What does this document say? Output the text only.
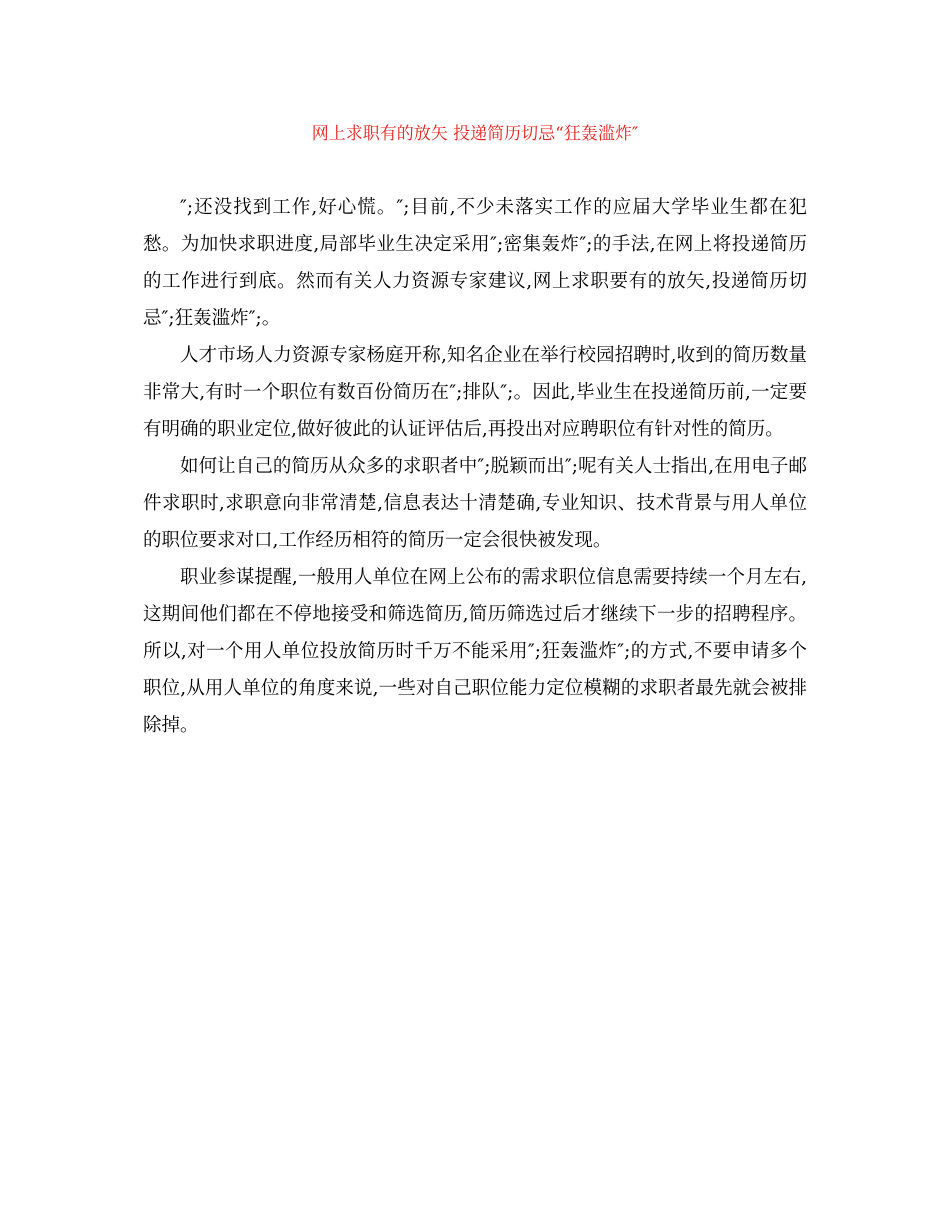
网上求职有的放矢 投递简历切忌“狂轰滥炸″

″;还没找到工作,好心慌。″;目前,不少未落实工作的应届大学毕业生都在犯愁。为加快求职进度,局部毕业生决定采用″;密集轰炸″;的手法,在网上将投递简历的工作进行到底。然而有关人力资源专家建议,网上求职要有的放矢,投递简历切忌″;狂轰滥炸″;。

人才市场人力资源专家杨庭开称,知名企业在举行校园招聘时,收到的简历数量非常大,有时一个职位有数百份简历在″;排队″;。因此,毕业生在投递简历前,一定要有明确的职业定位,做好彼此的认证评估后,再投出对应聘职位有针对性的简历。

如何让自己的简历从众多的求职者中″;脱颖而出″;呢有关人士指出,在用电子邮件求职时,求职意向非常清楚,信息表达十清楚确,专业知识、技术背景与用人单位的职位要求对口,工作经历相符的简历一定会很快被发现。

职业参谋提醒,一般用人单位在网上公布的需求职位信息需要持续一个月左右,这期间他们都在不停地接受和筛选简历,简历筛选过后才继续下一步的招聘程序。所以,对一个用人单位投放简历时千万不能采用″;狂轰滥炸″;的方式,不要申请多个职位,从用人单位的角度来说,一些对自己职位能力定位模糊的求职者最先就会被排除掉。
